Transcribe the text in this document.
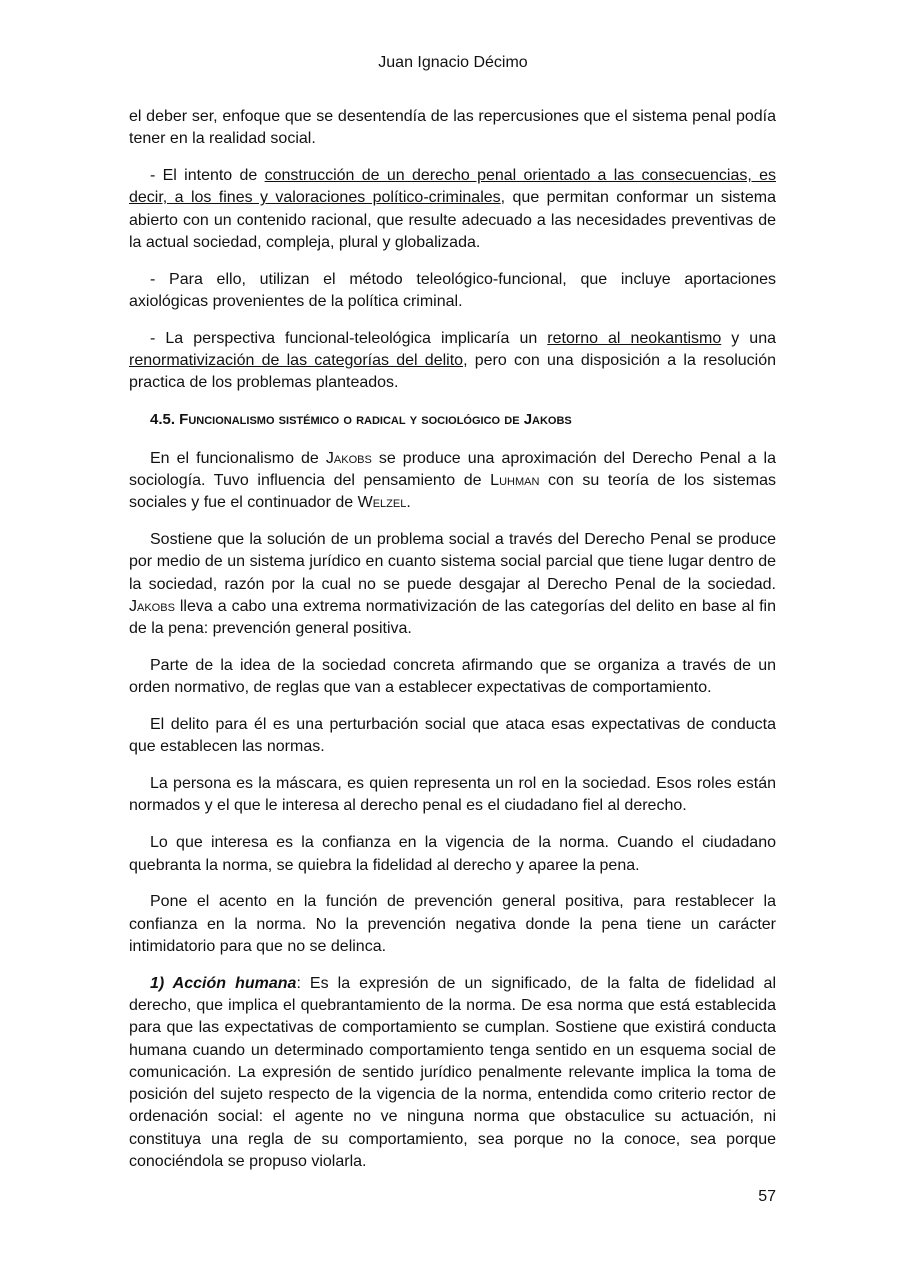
Juan Ignacio Décimo

el deber ser, enfoque que se desentendía de las repercusiones que el sistema penal podía tener en la realidad social.

- El intento de construcción de un derecho penal orientado a las consecuencias, es decir, a los fines y valoraciones político-criminales, que permitan conformar un sistema abierto con un contenido racional, que resulte adecuado a las necesidades preventivas de la actual sociedad, compleja, plural y globalizada.

- Para ello, utilizan el método teleológico-funcional, que incluye aportaciones axiológicas provenientes de la política criminal.

- La perspectiva funcional-teleológica implicaría un retorno al neokantismo y una renormativización de las categorías del delito, pero con una disposición a la resolución practica de los problemas planteados.

4.5. Funcionalismo sistémico o radical y sociológico de Jakobs

En el funcionalismo de Jakobs se produce una aproximación del Derecho Penal a la sociología. Tuvo influencia del pensamiento de Luhman con su teoría de los sistemas sociales y fue el continuador de Welzel.

Sostiene que la solución de un problema social a través del Derecho Penal se produce por medio de un sistema jurídico en cuanto sistema social parcial que tiene lugar dentro de la sociedad, razón por la cual no se puede desgajar al Derecho Penal de la sociedad. Jakobs lleva a cabo una extrema normativización de las categorías del delito en base al fin de la pena: prevención general positiva.

Parte de la idea de la sociedad concreta afirmando que se organiza a través de un orden normativo, de reglas que van a establecer expectativas de comportamiento.

El delito para él es una perturbación social que ataca esas expectativas de conducta que establecen las normas.

La persona es la máscara, es quien representa un rol en la sociedad. Esos roles están normados y el que le interesa al derecho penal es el ciudadano fiel al derecho.

Lo que interesa es la confianza en la vigencia de la norma. Cuando el ciudadano quebranta la norma, se quiebra la fidelidad al derecho y aparee la pena.

Pone el acento en la función de prevención general positiva, para restablecer la confianza en la norma. No la prevención negativa donde la pena tiene un carácter intimidatorio para que no se delinca.

1) Acción humana: Es la expresión de un significado, de la falta de fidelidad al derecho, que implica el quebrantamiento de la norma. De esa norma que está establecida para que las expectativas de comportamiento se cumplan. Sostiene que existirá conducta humana cuando un determinado comportamiento tenga sentido en un esquema social de comunicación. La expresión de sentido jurídico penalmente relevante implica la toma de posición del sujeto respecto de la vigencia de la norma, entendida como criterio rector de ordenación social: el agente no ve ninguna norma que obstaculice su actuación, ni constituya una regla de su comportamiento, sea porque no la conoce, sea porque conociéndola se propuso violarla.

57
